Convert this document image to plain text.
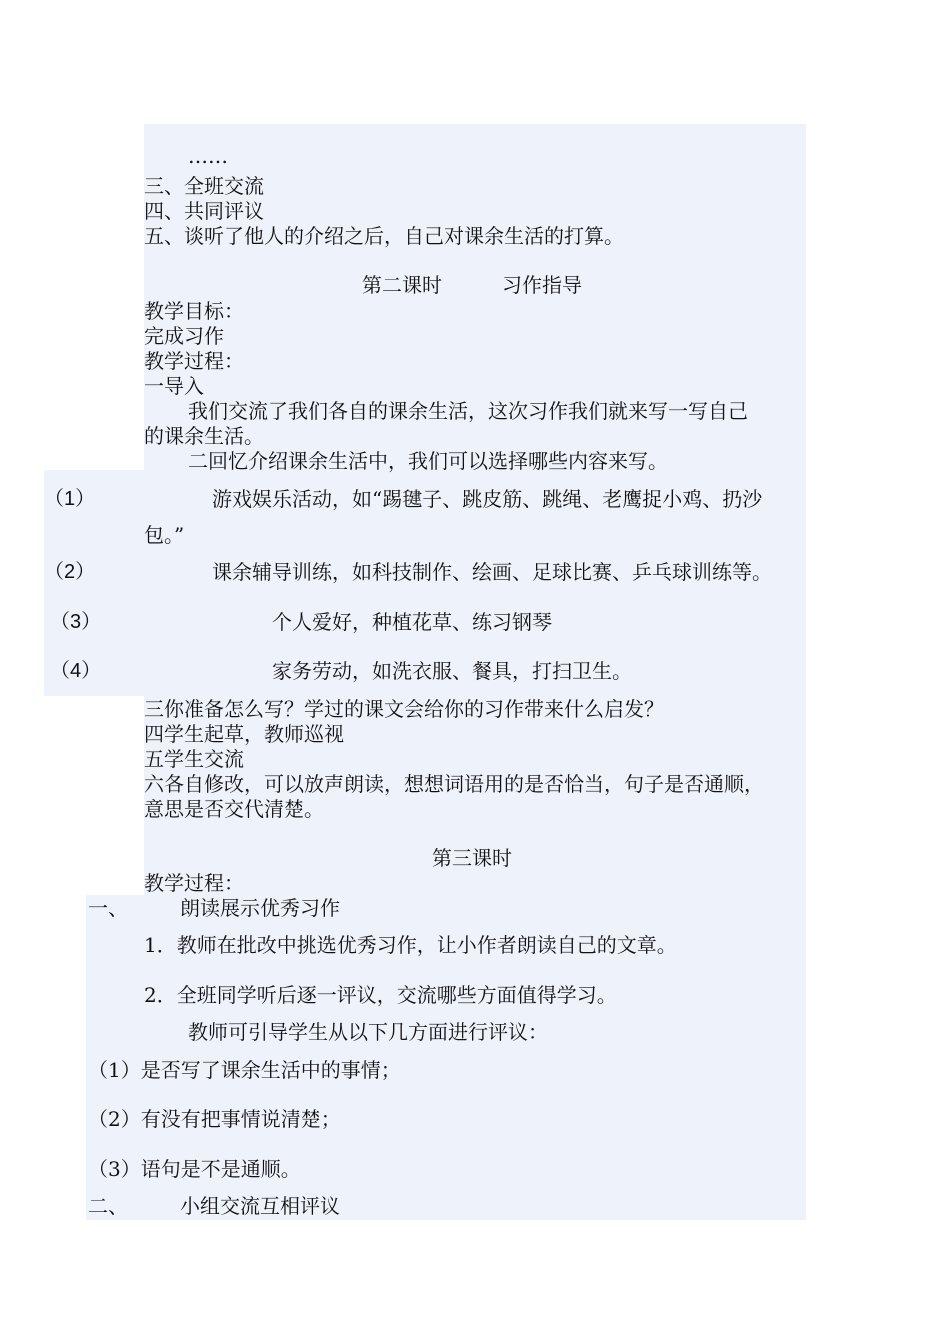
……
三、全班交流
四、共同评议
五、谈听了他人的介绍之后，自己对课余生活的打算。
第二课时	习作指导
教学目标：
完成习作
教学过程：
一导入
我们交流了我们各自的课余生活，这次习作我们就来写一写自己
的课余生活。
二回忆介绍课余生活中，我们可以选择哪些内容来写。
（1）	游戏娱乐活动，如“踢毽子、跳皮筋、跳绳、老鹰捉小鸡、扔沙
包。”
（2）	课余辅导训练，如科技制作、绘画、足球比赛、乒乓球训练等。
（3）	个人爱好，种植花草、练习钢琴
（4）	家务劳动，如洗衣服、餐具，打扫卫生。
三你准备怎么写？学过的课文会给你的习作带来什么启发？
四学生起草，教师巡视
五学生交流
六各自修改，可以放声朗读，想想词语用的是否恰当，句子是否通顺，
意思是否交代清楚。
第三课时
教学过程：
一、	朗读展示优秀习作
1．教师在批改中挑选优秀习作，让小作者朗读自己的文章。
2．全班同学听后逐一评议，交流哪些方面值得学习。
教师可引导学生从以下几方面进行评议：
（1）是否写了课余生活中的事情；
（2）有没有把事情说清楚；
（3）语句是不是通顺。
二、	小组交流互相评议
